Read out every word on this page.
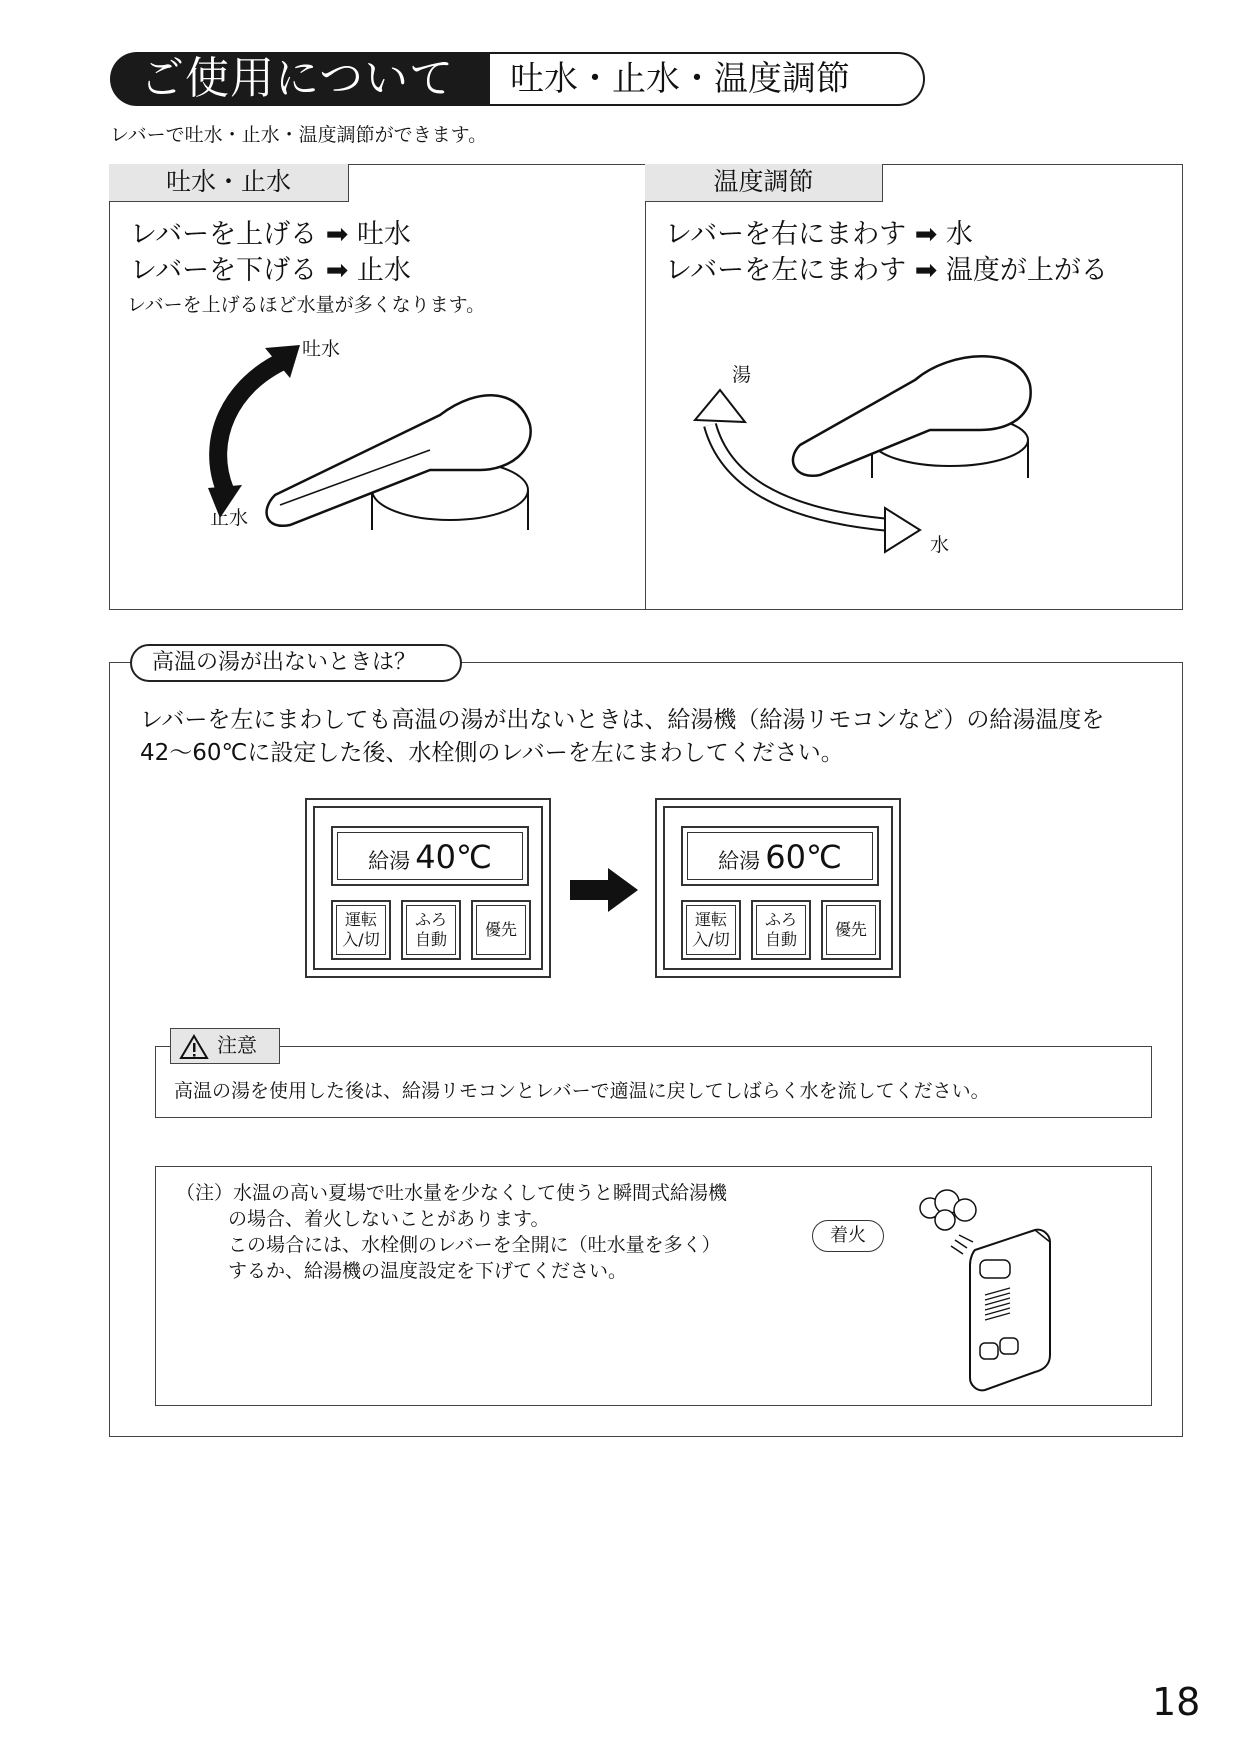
ご使用について	吐水・止水・温度調節
レバーで吐水・止水・温度調節ができます。
吐水・止水	温度調節
レバーを上げる ➡ 吐水
レバーを下げる ➡ 止水
レバーを上げるほど水量が多くなります。
レバーを右にまわす ➡ 水
レバーを左にまわす ➡ 温度が上がる
吐水
止水
湯
水
高温の湯が出ないときは？
レバーを左にまわしても高温の湯が出ないときは、給湯機（給湯リモコンなど）の給湯温度を42〜60℃に設定した後、水栓側のレバーを左にまわしてください。
給湯 40℃
運転
入/切
ふろ
自動
優先
給湯 60℃
運転
入/切
ふろ
自動
優先
注意
高温の湯を使用した後は、給湯リモコンとレバーで適温に戻してしばらく水を流してください。
（注）水温の高い夏場で吐水量を少なくして使うと瞬間式給湯機
の場合、着火しないことがあります。
この場合には、水栓側のレバーを全開に（吐水量を多く）
するか、給湯機の温度設定を下げてください。
着火
18
